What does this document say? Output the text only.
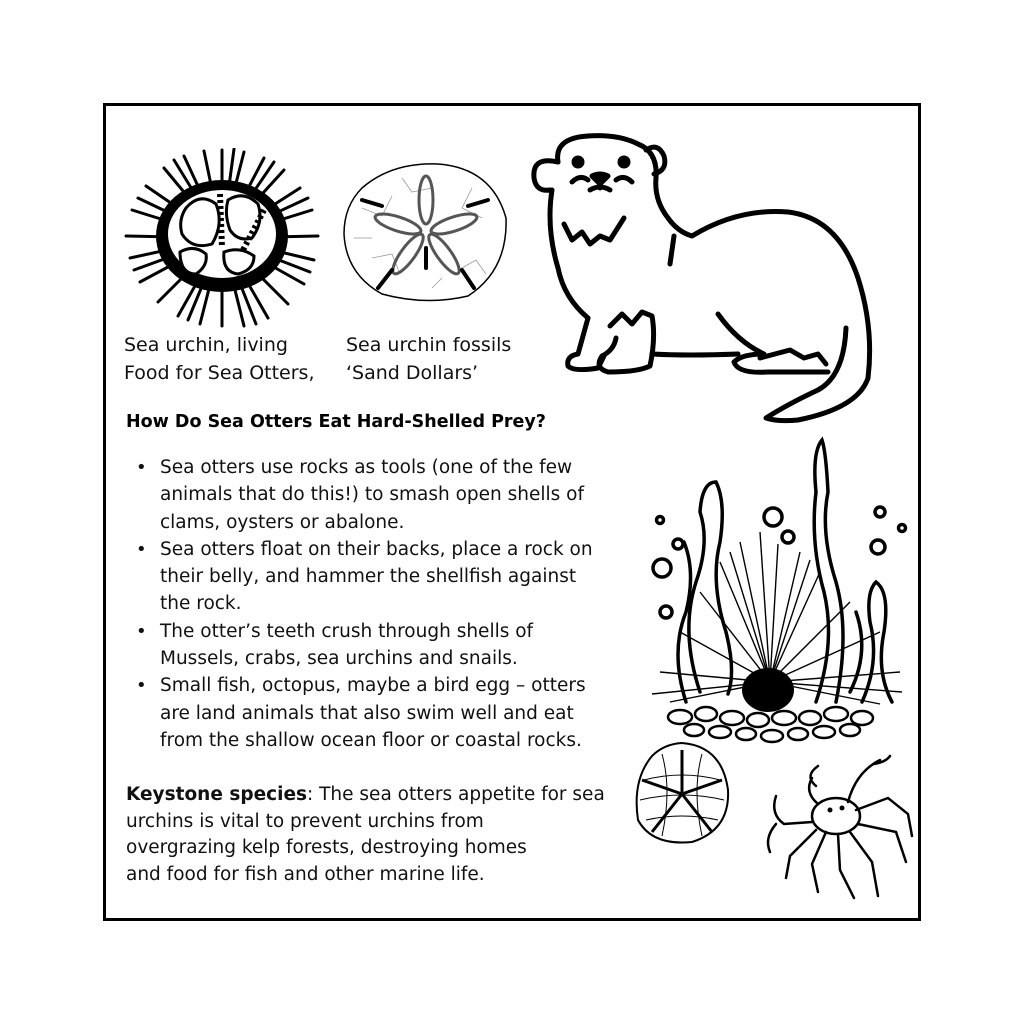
Sea urchin, living
Food for Sea Otters,
Sea urchin fossils
‘Sand Dollars’
How Do Sea Otters Eat Hard-Shelled Prey?
• Sea otters use rocks as tools (one of the few
animals that do this!) to smash open shells of
clams, oysters or abalone.
• Sea otters float on their backs, place a rock on
their belly, and hammer the shellfish against
the rock.
• The otter’s teeth crush through shells of
Mussels, crabs, sea urchins and snails.
• Small fish, octopus, maybe a bird egg – otters
are land animals that also swim well and eat
from the shallow ocean floor or coastal rocks.
Keystone species: The sea otters appetite for sea
urchins is vital to prevent urchins from
overgrazing kelp forests, destroying homes
and food for fish and other marine life.
